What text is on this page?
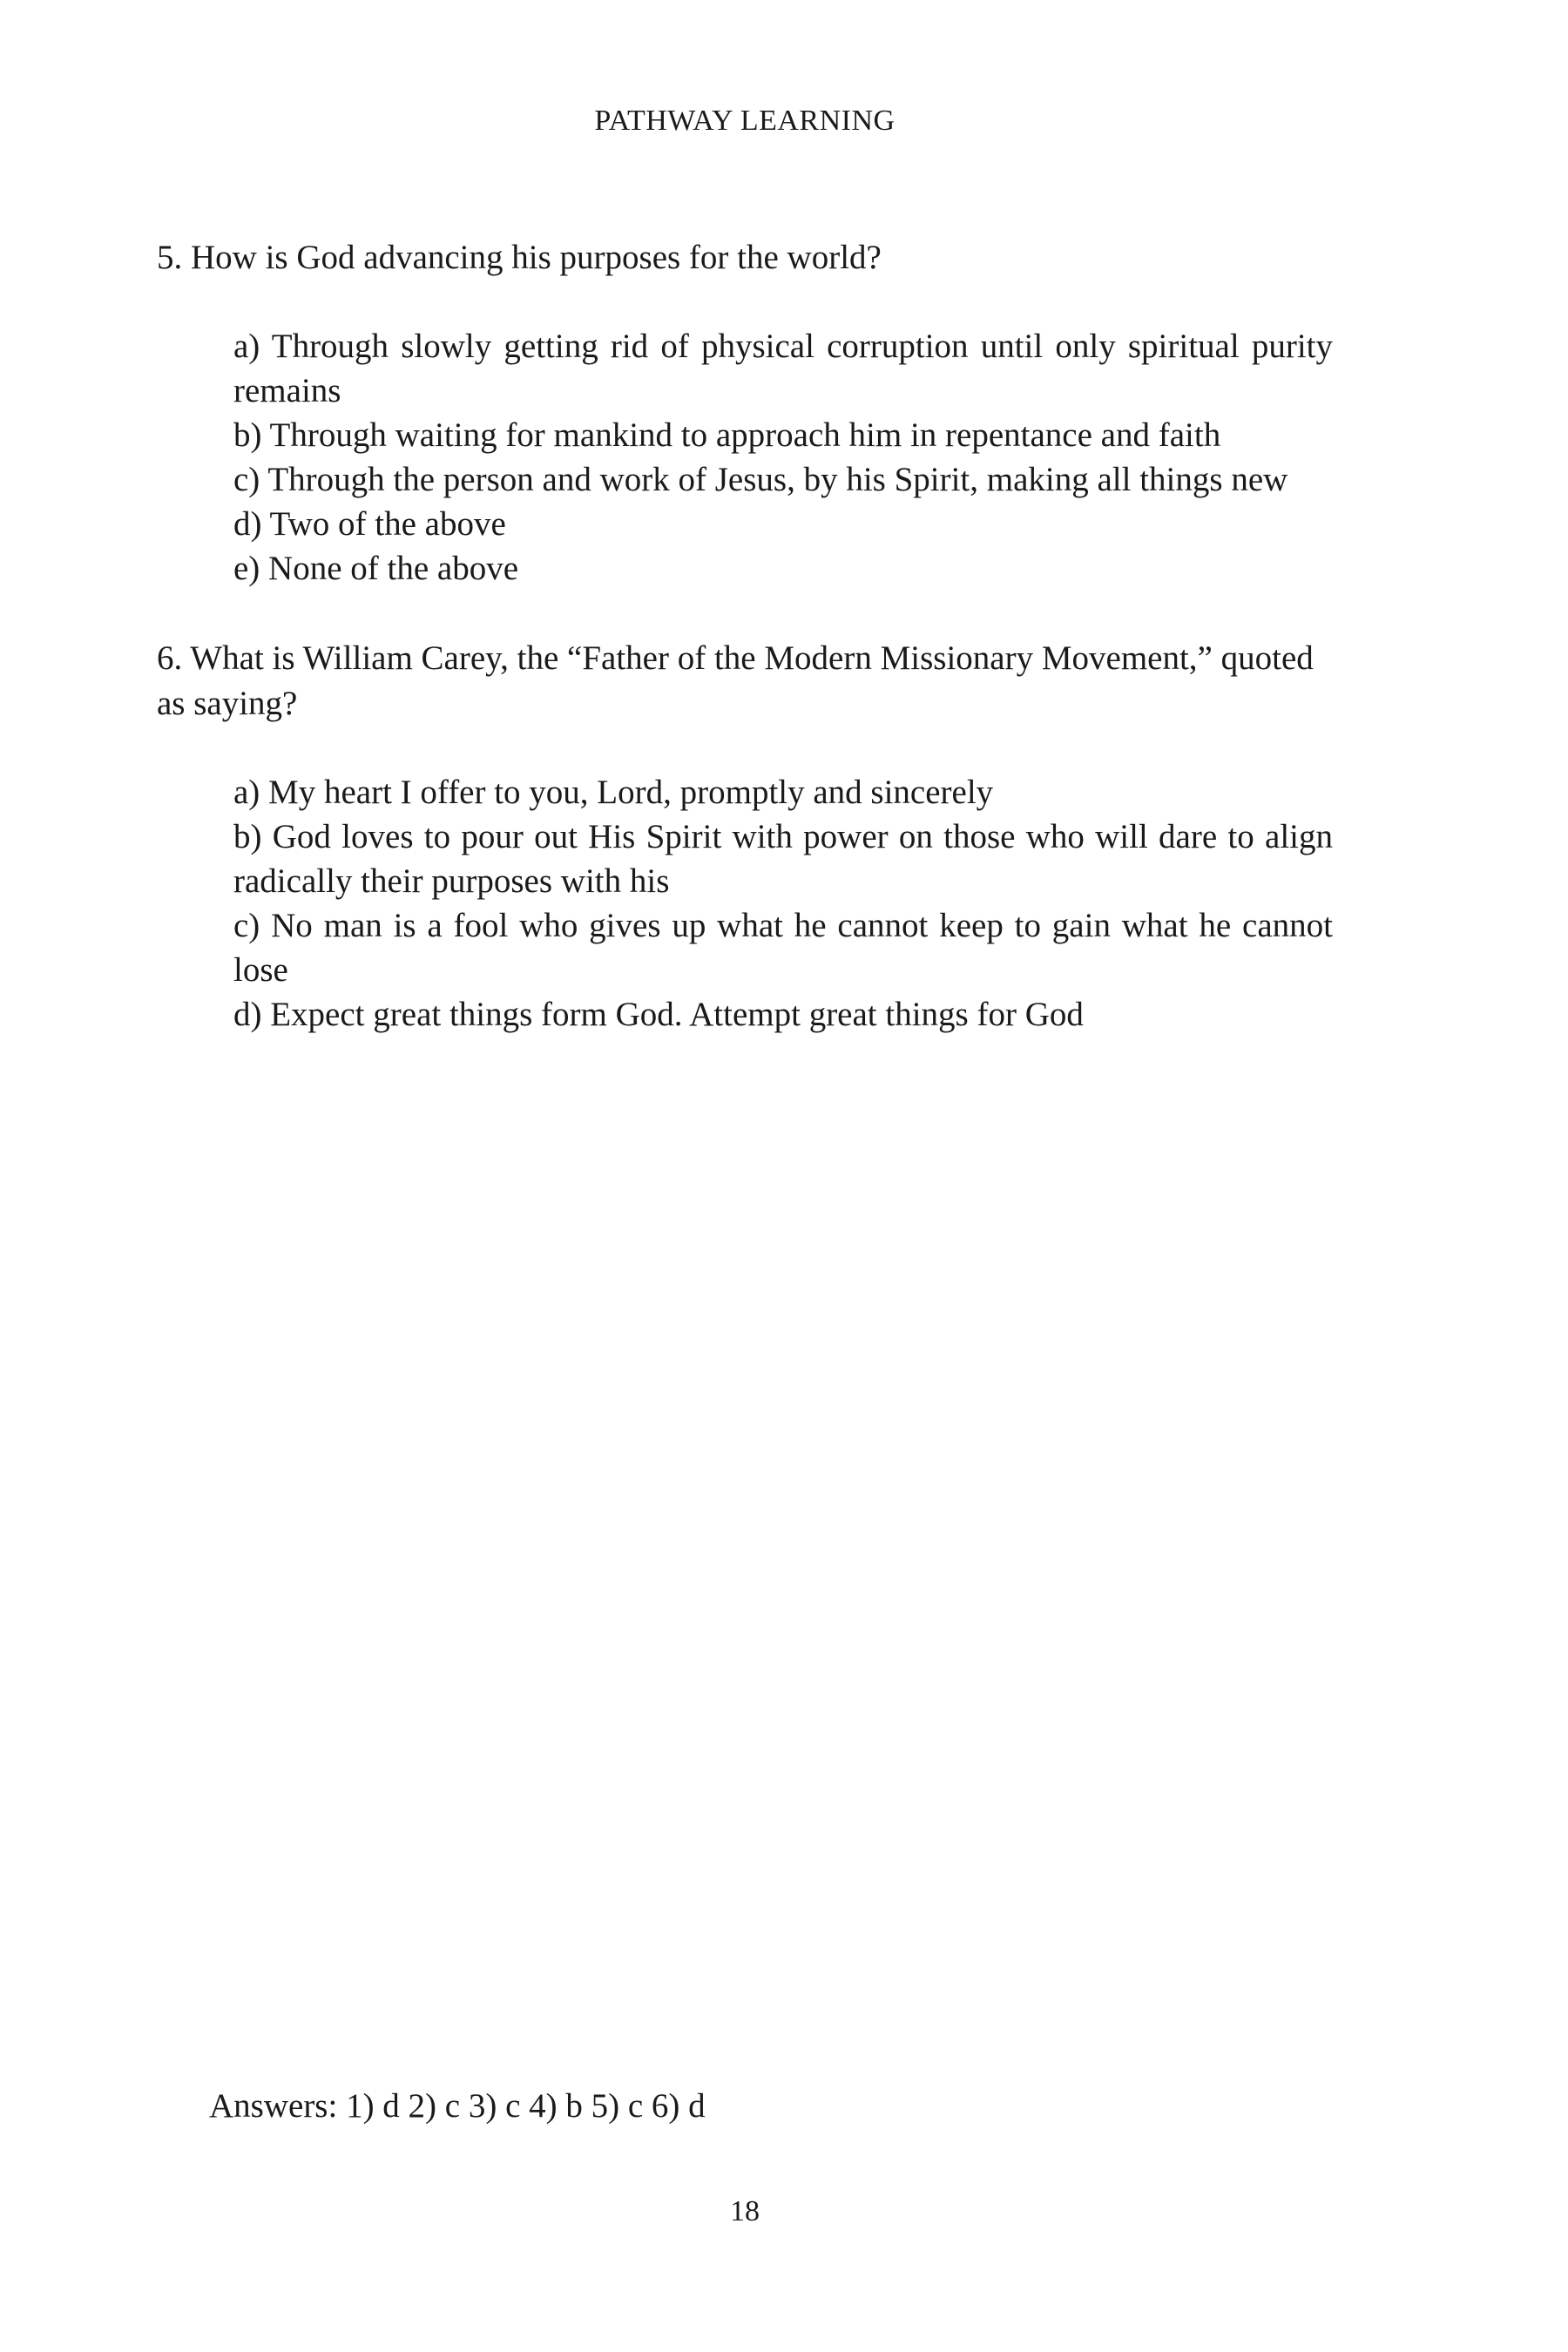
PATHWAY LEARNING

5. How is God advancing his purposes for the world?

a) Through slowly getting rid of physical corruption until only spiritual purity remains
b) Through waiting for mankind to approach him in repentance and faith
c) Through the person and work of Jesus, by his Spirit, making all things new
d) Two of the above
e) None of the above

6. What is William Carey, the “Father of the Modern Missionary Movement,” quoted as saying?

a) My heart I offer to you, Lord, promptly and sincerely
b) God loves to pour out His Spirit with power on those who will dare to align radically their purposes with his
c) No man is a fool who gives up what he cannot keep to gain what he cannot lose
d) Expect great things form God. Attempt great things for God
Answers: 1) d 2) c 3) c 4) b 5) c 6) d
18
